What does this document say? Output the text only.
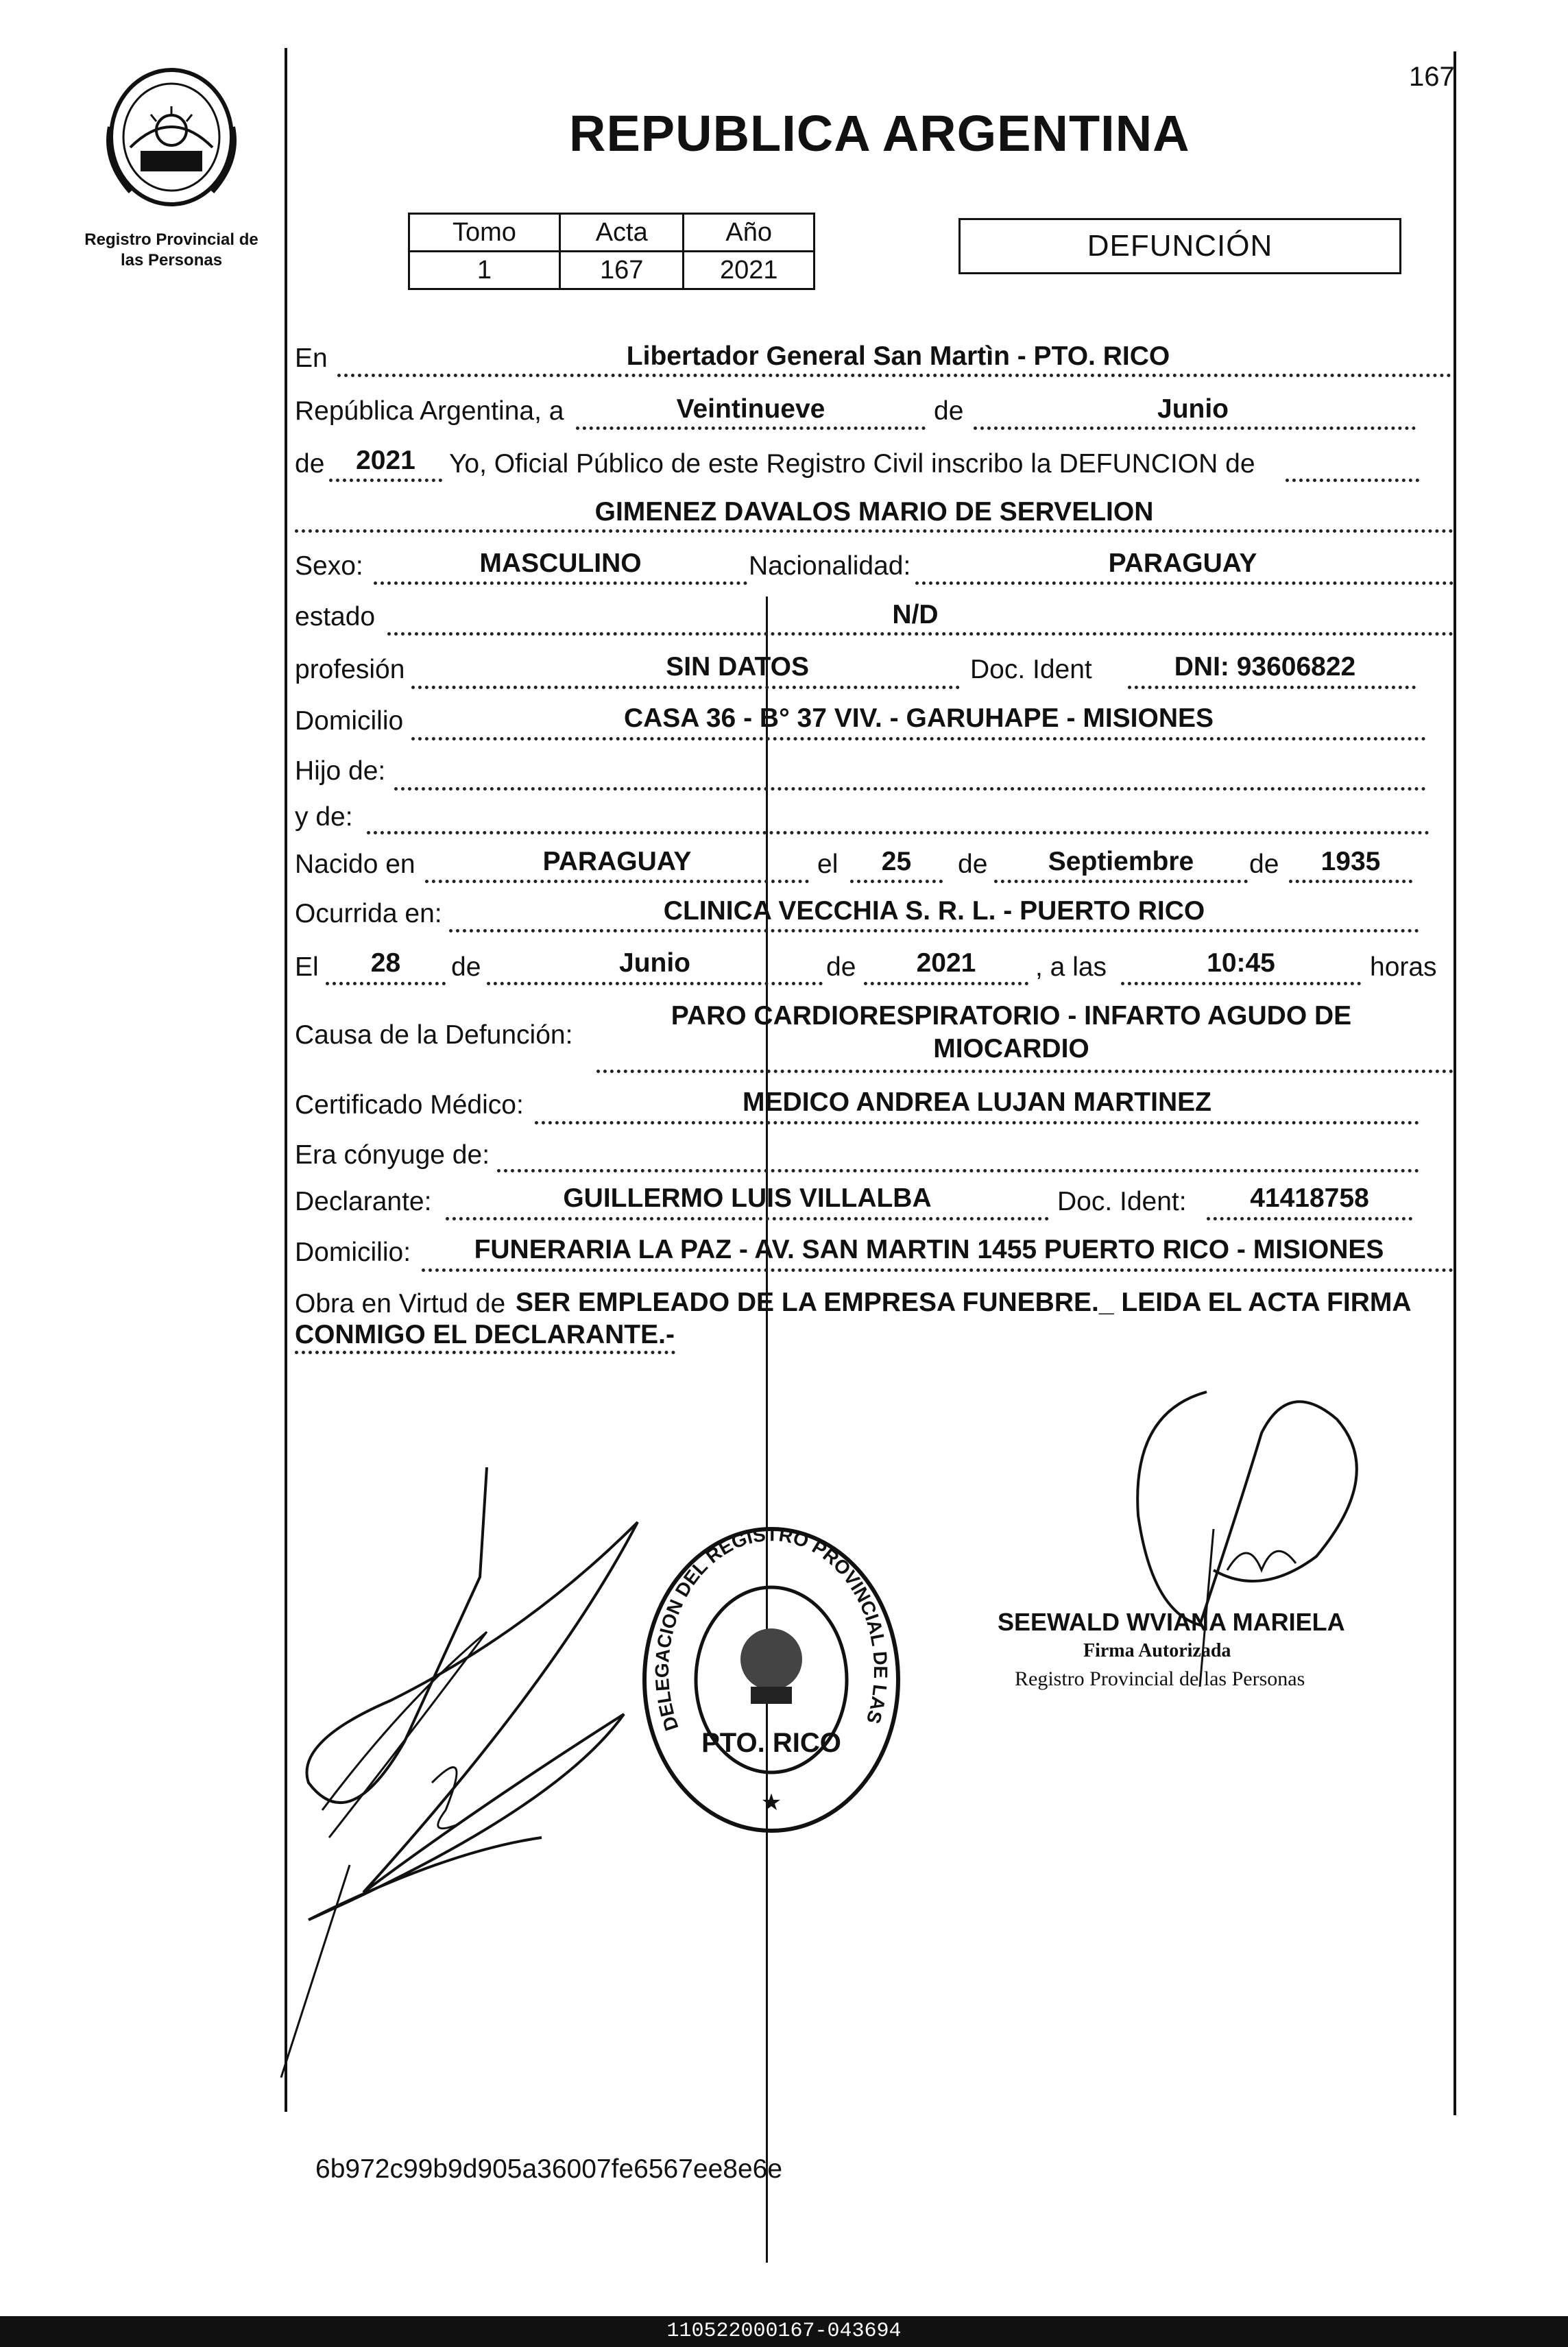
Registro Provincial de
las Personas
167
REPUBLICA ARGENTINA
Tomo	Acta	Año
1	167	2021
DEFUNCIÓN
En	Libertador General San Martìn - PTO. RICO
República Argentina, a	Veintinueve	de	Junio
de	2021	Yo, Oficial Público de este Registro Civil inscribo la DEFUNCION de
GIMENEZ DAVALOS MARIO DE SERVELION
Sexo:	MASCULINO	Nacionalidad:	PARAGUAY
estado	N/D
profesión	SIN DATOS	Doc. Ident	DNI: 93606822
Domicilio	CASA 36 - B° 37 VIV. - GARUHAPE - MISIONES
Hijo de:
y de:
Nacido en	PARAGUAY	el	25	de	Septiembre	de	1935
Ocurrida en:	CLINICA VECCHIA S. R. L. - PUERTO RICO
El	28	de	Junio	de	2021	, a las	10:45	horas
Causa de la Defunción:
PARO CARDIORESPIRATORIO - INFARTO AGUDO DE
MIOCARDIO
Certificado Médico:	MEDICO ANDREA LUJAN MARTINEZ
Era cónyuge de:
Declarante:	GUILLERMO LUIS VILLALBA	Doc. Ident:	41418758
Domicilio:	FUNERARIA LA PAZ - AV. SAN MARTIN 1455 PUERTO RICO - MISIONES
Obra en Virtud de SER EMPLEADO DE LA EMPRESA FUNEBRE._ LEIDA EL ACTA FIRMA
CONMIGO EL DECLARANTE.-
DELEGACION DEL REGISTRO PROVINCIAL DE LAS
PTO. RICO
★
SEEWALD WVIANA MARIELA
Firma Autorizada
Registro Provincial de las Personas
6b972c99b9d905a36007fe6567ee8e6e
110522000167-043694
